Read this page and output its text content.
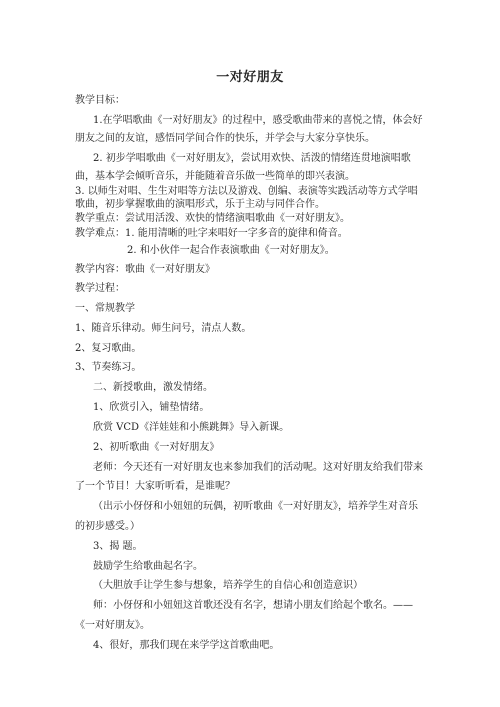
一对好朋友
教学目标：
1.在学唱歌曲《一对好朋友》的过程中，感受歌曲带来的喜悦之情，体会好
朋友之间的友谊，感悟同学间合作的快乐，并学会与大家分享快乐。
2. 初步学唱歌曲《一对好朋友》，尝试用欢快、活泼的情绪连贯地演唱歌
曲，基本学会倾听音乐，并能随着音乐做一些简单的即兴表演。
3. 以师生对唱、生生对唱等方法以及游戏、创编、表演等实践活动等方式学唱
歌曲，初步掌握歌曲的演唱形式，乐于主动与同伴合作。
教学重点：尝试用活泼、欢快的情绪演唱歌曲《一对好朋友》。
教学难点：1. 能用清晰的吐字来唱好一字多音的旋律和倚音。
2. 和小伙伴一起合作表演歌曲《一对好朋友》。
教学内容：歌曲《一对好朋友》
教学过程：
一、常规教学
1、随音乐律动。师生问号，清点人数。
2、复习歌曲。
3、节奏练习。
二、新授歌曲，激发情绪。
1、欣赏引入，铺垫情绪。
欣赏 VCD《洋娃娃和小熊跳舞》导入新课。
2、初听歌曲《一对好朋友》
老师：今天还有一对好朋友也来参加我们的活动呢。这对好朋友给我们带来
了一个节目！大家听听看，是谁呢？
（出示小伢伢和小妞妞的玩偶，初听歌曲《一对好朋友》，培养学生对音乐
的初步感受。）
3、揭 题。
鼓励学生给歌曲起名字。
（大胆放手让学生参与想象，培养学生的自信心和创造意识）
师：小伢伢和小妞妞这首歌还没有名字，想请小朋友们给起个歌名。——
《一对好朋友》。
4、很好，那我们现在来学学这首歌曲吧。
